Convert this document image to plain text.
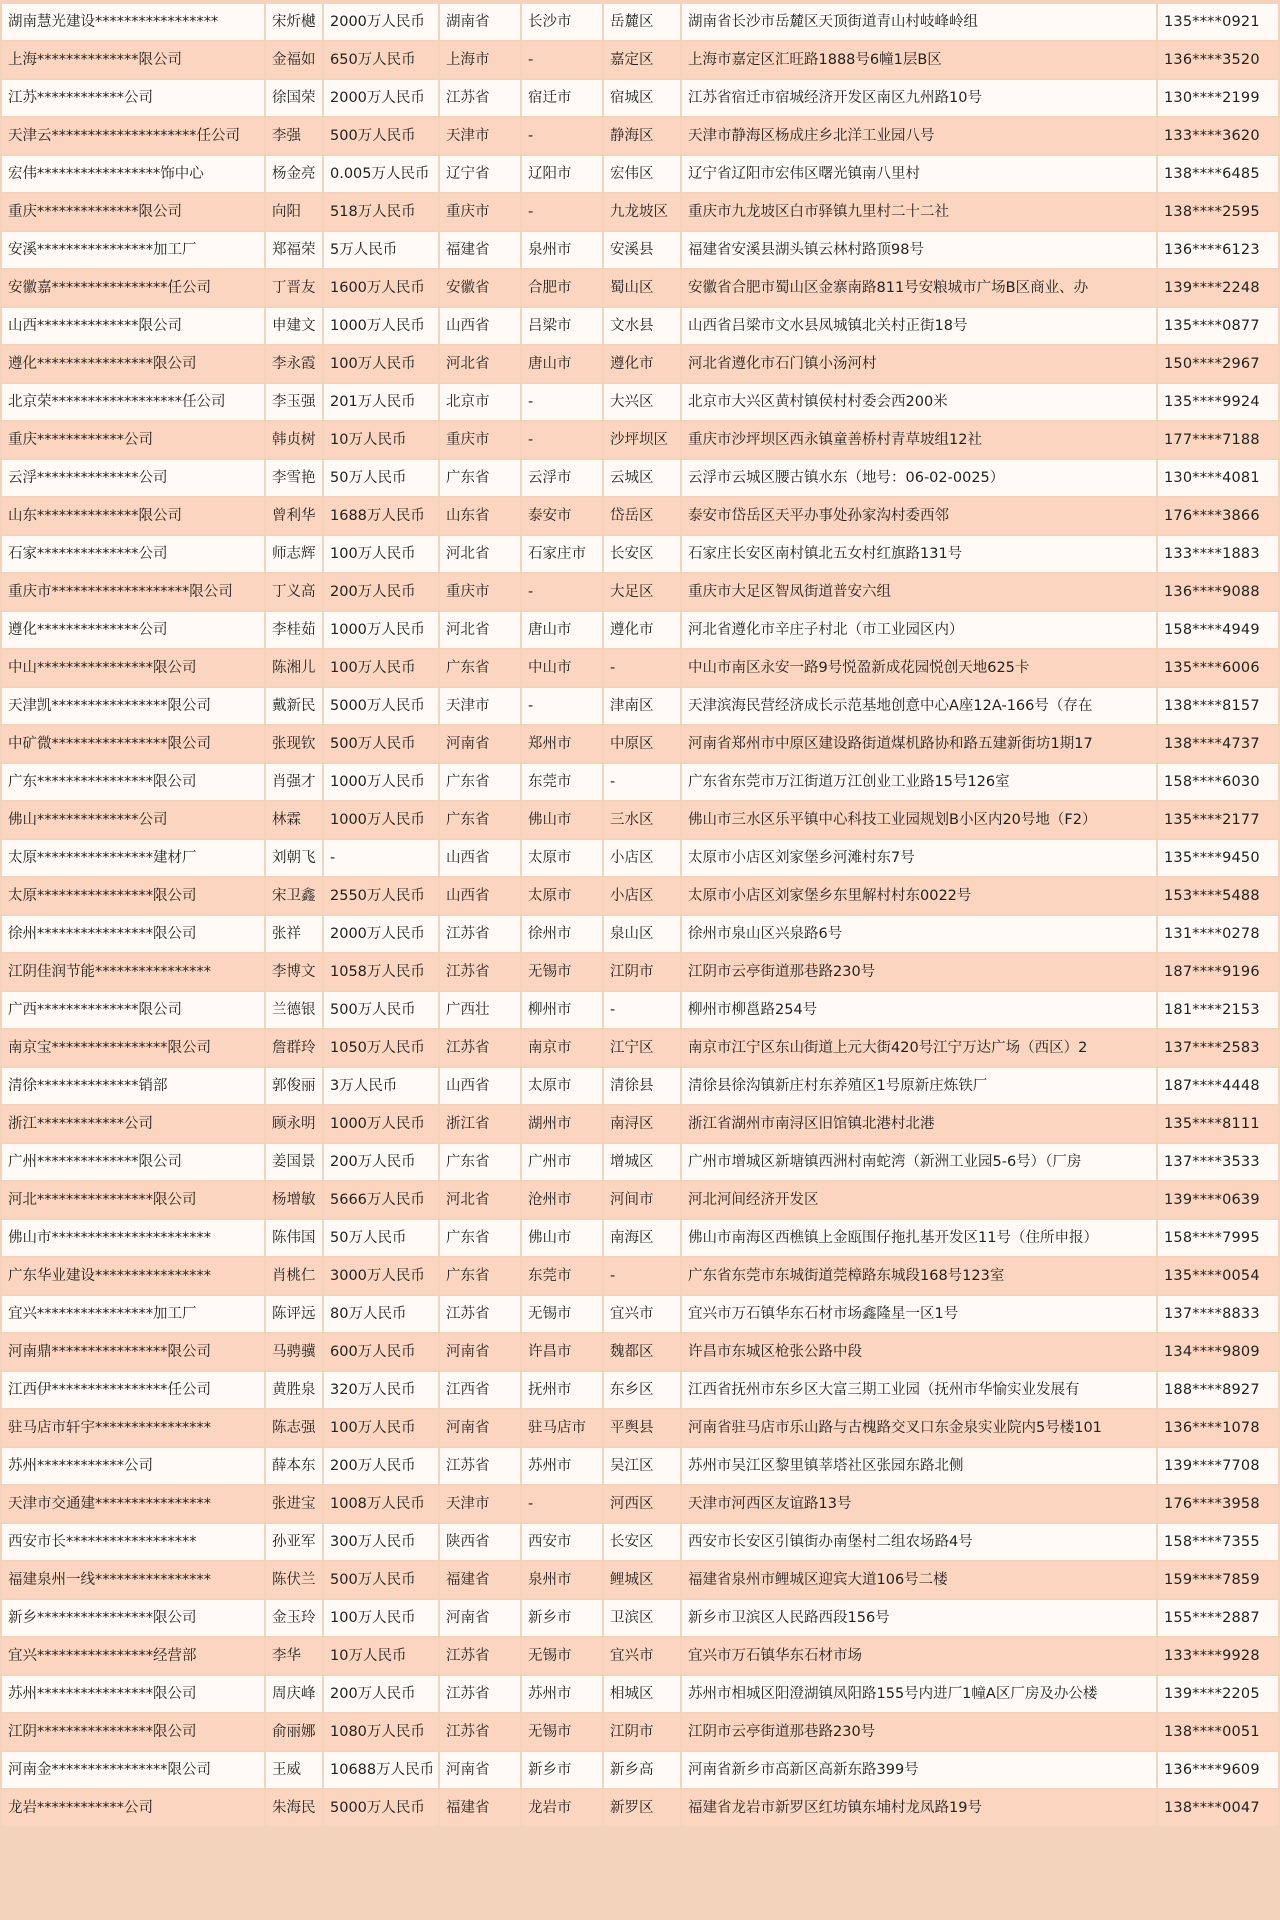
湖南慧光建设*****************	宋炘樾	2000万人民币	湖南省	长沙市	岳麓区	湖南省长沙市岳麓区天顶街道青山村岐峰岭组	135****0921
上海**************限公司	金福如	650万人民币	上海市	-	嘉定区	上海市嘉定区汇旺路1888号6幢1层B区	136****3520
江苏************公司	徐国荣	2000万人民币	江苏省	宿迁市	宿城区	江苏省宿迁市宿城经济开发区南区九州路10号	130****2199
天津云********************任公司	李强	500万人民币	天津市	-	静海区	天津市静海区杨成庄乡北洋工业园八号	133****3620
宏伟*****************饰中心	杨金亮	0.005万人民币	辽宁省	辽阳市	宏伟区	辽宁省辽阳市宏伟区曙光镇南八里村	138****6485
重庆**************限公司	向阳	518万人民币	重庆市	-	九龙坡区	重庆市九龙坡区白市驿镇九里村二十二社	138****2595
安溪****************加工厂	郑福荣	5万人民币	福建省	泉州市	安溪县	福建省安溪县湖头镇云林村路顶98号	136****6123
安徽嘉****************任公司	丁晋友	1600万人民币	安徽省	合肥市	蜀山区	安徽省合肥市蜀山区金寨南路811号安粮城市广场B区商业、办	139****2248
山西**************限公司	申建文	1000万人民币	山西省	吕梁市	文水县	山西省吕梁市文水县凤城镇北关村正街18号	135****0877
遵化****************限公司	李永霞	100万人民币	河北省	唐山市	遵化市	河北省遵化市石门镇小汤河村	150****2967
北京荣******************任公司	李玉强	201万人民币	北京市	-	大兴区	北京市大兴区黄村镇侯村村委会西200米	135****9924
重庆************公司	韩贞树	10万人民币	重庆市	-	沙坪坝区	重庆市沙坪坝区西永镇童善桥村青草坡组12社	177****7188
云浮**************公司	李雪艳	50万人民币	广东省	云浮市	云城区	云浮市云城区腰古镇水东（地号：06-02-0025）	130****4081
山东**************限公司	曾利华	1688万人民币	山东省	泰安市	岱岳区	泰安市岱岳区天平办事处孙家沟村委西邻	176****3866
石家**************公司	师志辉	100万人民币	河北省	石家庄市	长安区	石家庄长安区南村镇北五女村红旗路131号	133****1883
重庆市*******************限公司	丁义高	200万人民币	重庆市	-	大足区	重庆市大足区智凤街道普安六组	136****9088
遵化**************公司	李桂茹	1000万人民币	河北省	唐山市	遵化市	河北省遵化市辛庄子村北（市工业园区内）	158****4949
中山****************限公司	陈湘儿	100万人民币	广东省	中山市	-	中山市南区永安一路9号悦盈新成花园悦创天地625卡	135****6006
天津凯****************限公司	戴新民	5000万人民币	天津市	-	津南区	天津滨海民营经济成长示范基地创意中心A座12A-166号（存在	138****8157
中矿微****************限公司	张现钦	500万人民币	河南省	郑州市	中原区	河南省郑州市中原区建设路街道煤机路协和路五建新街坊1期17	138****4737
广东****************限公司	肖强才	1000万人民币	广东省	东莞市	-	广东省东莞市万江街道万江创业工业路15号126室	158****6030
佛山**************公司	林霖	1000万人民币	广东省	佛山市	三水区	佛山市三水区乐平镇中心科技工业园规划B小区内20号地（F2）	135****2177
太原****************建材厂	刘朝飞	-	山西省	太原市	小店区	太原市小店区刘家堡乡河滩村东7号	135****9450
太原****************限公司	宋卫鑫	2550万人民币	山西省	太原市	小店区	太原市小店区刘家堡乡东里解村村东0022号	153****5488
徐州****************限公司	张祥	2000万人民币	江苏省	徐州市	泉山区	徐州市泉山区兴泉路6号	131****0278
江阴佳润节能****************	李博文	1058万人民币	江苏省	无锡市	江阴市	江阴市云亭街道那巷路230号	187****9196
广西**************限公司	兰德银	500万人民币	广西壮	柳州市	-	柳州市柳邕路254号	181****2153
南京宝****************限公司	詹群玲	1050万人民币	江苏省	南京市	江宁区	南京市江宁区东山街道上元大街420号江宁万达广场（西区）2	137****2583
清徐**************销部	郭俊丽	3万人民币	山西省	太原市	清徐县	清徐县徐沟镇新庄村东养殖区1号原新庄炼铁厂	187****4448
浙江************公司	顾永明	1000万人民币	浙江省	湖州市	南浔区	浙江省湖州市南浔区旧馆镇北港村北港	135****8111
广州**************限公司	姜国景	200万人民币	广东省	广州市	增城区	广州市增城区新塘镇西洲村南蛇湾（新洲工业园5-6号）（厂房	137****3533
河北****************限公司	杨增敏	5666万人民币	河北省	沧州市	河间市	河北河间经济开发区	139****0639
佛山市**********************	陈伟国	50万人民币	广东省	佛山市	南海区	佛山市南海区西樵镇上金瓯围仔拖扎基开发区11号（住所申报）	158****7995
广东华业建设****************	肖桃仁	3000万人民币	广东省	东莞市	-	广东省东莞市东城街道莞樟路东城段168号123室	135****0054
宜兴****************加工厂	陈评远	80万人民币	江苏省	无锡市	宜兴市	宜兴市万石镇华东石材市场鑫隆星一区1号	137****8833
河南鼎****************限公司	马骋骥	600万人民币	河南省	许昌市	魏都区	许昌市东城区枪张公路中段	134****9809
江西伊****************任公司	黄胜泉	320万人民币	江西省	抚州市	东乡区	江西省抚州市东乡区大富三期工业园（抚州市华愉实业发展有	188****8927
驻马店市轩宇****************	陈志强	100万人民币	河南省	驻马店市	平舆县	河南省驻马店市乐山路与古槐路交叉口东金泉实业院内5号楼101	136****1078
苏州************公司	薛本东	200万人民币	江苏省	苏州市	吴江区	苏州市吴江区黎里镇莘塔社区张园东路北侧	139****7708
天津市交通建****************	张进宝	1008万人民币	天津市	-	河西区	天津市河西区友谊路13号	176****3958
西安市长******************	孙亚军	300万人民币	陕西省	西安市	长安区	西安市长安区引镇街办南堡村二组农场路4号	158****7355
福建泉州一线****************	陈伏兰	500万人民币	福建省	泉州市	鲤城区	福建省泉州市鲤城区迎宾大道106号二楼	159****7859
新乡****************限公司	金玉玲	100万人民币	河南省	新乡市	卫滨区	新乡市卫滨区人民路西段156号	155****2887
宜兴****************经营部	李华	10万人民币	江苏省	无锡市	宜兴市	宜兴市万石镇华东石材市场	133****9928
苏州****************限公司	周庆峰	200万人民币	江苏省	苏州市	相城区	苏州市相城区阳澄湖镇凤阳路155号内进厂1幢A区厂房及办公楼	139****2205
江阴****************限公司	俞丽娜	1080万人民币	江苏省	无锡市	江阴市	江阴市云亭街道那巷路230号	138****0051
河南金****************限公司	王威	10688万人民币	河南省	新乡市	新乡高	河南省新乡市高新区高新东路399号	136****9609
龙岩************公司	朱海民	5000万人民币	福建省	龙岩市	新罗区	福建省龙岩市新罗区红坊镇东埔村龙凤路19号	138****0047
